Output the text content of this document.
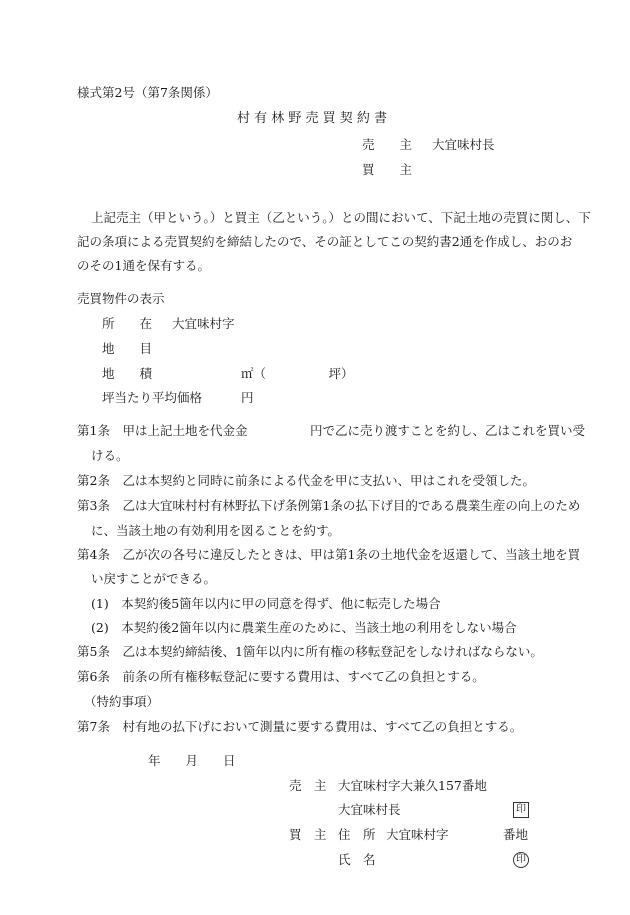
様式第2号（第7条関係）
村 有 林 野 売 買 契 約 書
売　　主 大宜味村長
買　　主
上記売主（甲という。）と買主（乙という。）との間において、下記土地の売買に関し、下
記の条項による売買契約を締結したので、その証としてこの契約書2通を作成し、おのお
のその1通を保有する。
売買物件の表示
所　　在 大宜味村字
地　　目
地　　積	㎡（　　　　　坪）
坪当たり平均価格	円
第1条　甲は上記土地を代金金　　　　　円で乙に売り渡すことを約し、乙はこれを買い受
ける。
第2条　乙は本契約と同時に前条による代金を甲に支払い、甲はこれを受領した。
第3条　乙は大宜味村村有林野払下げ条例第1条の払下げ目的である農業生産の向上のため
に、当該土地の有効利用を図ることを約す。
第4条　乙が次の各号に違反したときは、甲は第1条の土地代金を返還して、当該土地を買
い戻すことができる。
(1)　本契約後5箇年以内に甲の同意を得ず、他に転売した場合
(2)　本契約後2箇年以内に農業生産のために、当該土地の利用をしない場合
第5条　乙は本契約締結後、1箇年以内に所有権の移転登記をしなければならない。
第6条　前条の所有権移転登記に要する費用は、すべて乙の負担とする。
（特約事項）
第7条　村有地の払下げにおいて測量に要する費用は、すべて乙の負担とする。
年　　月　　日
売　主 大宜味村字大兼久157番地
大宜味村長	印
買　主 住　所 大宜味村字	番地
氏　名	印
